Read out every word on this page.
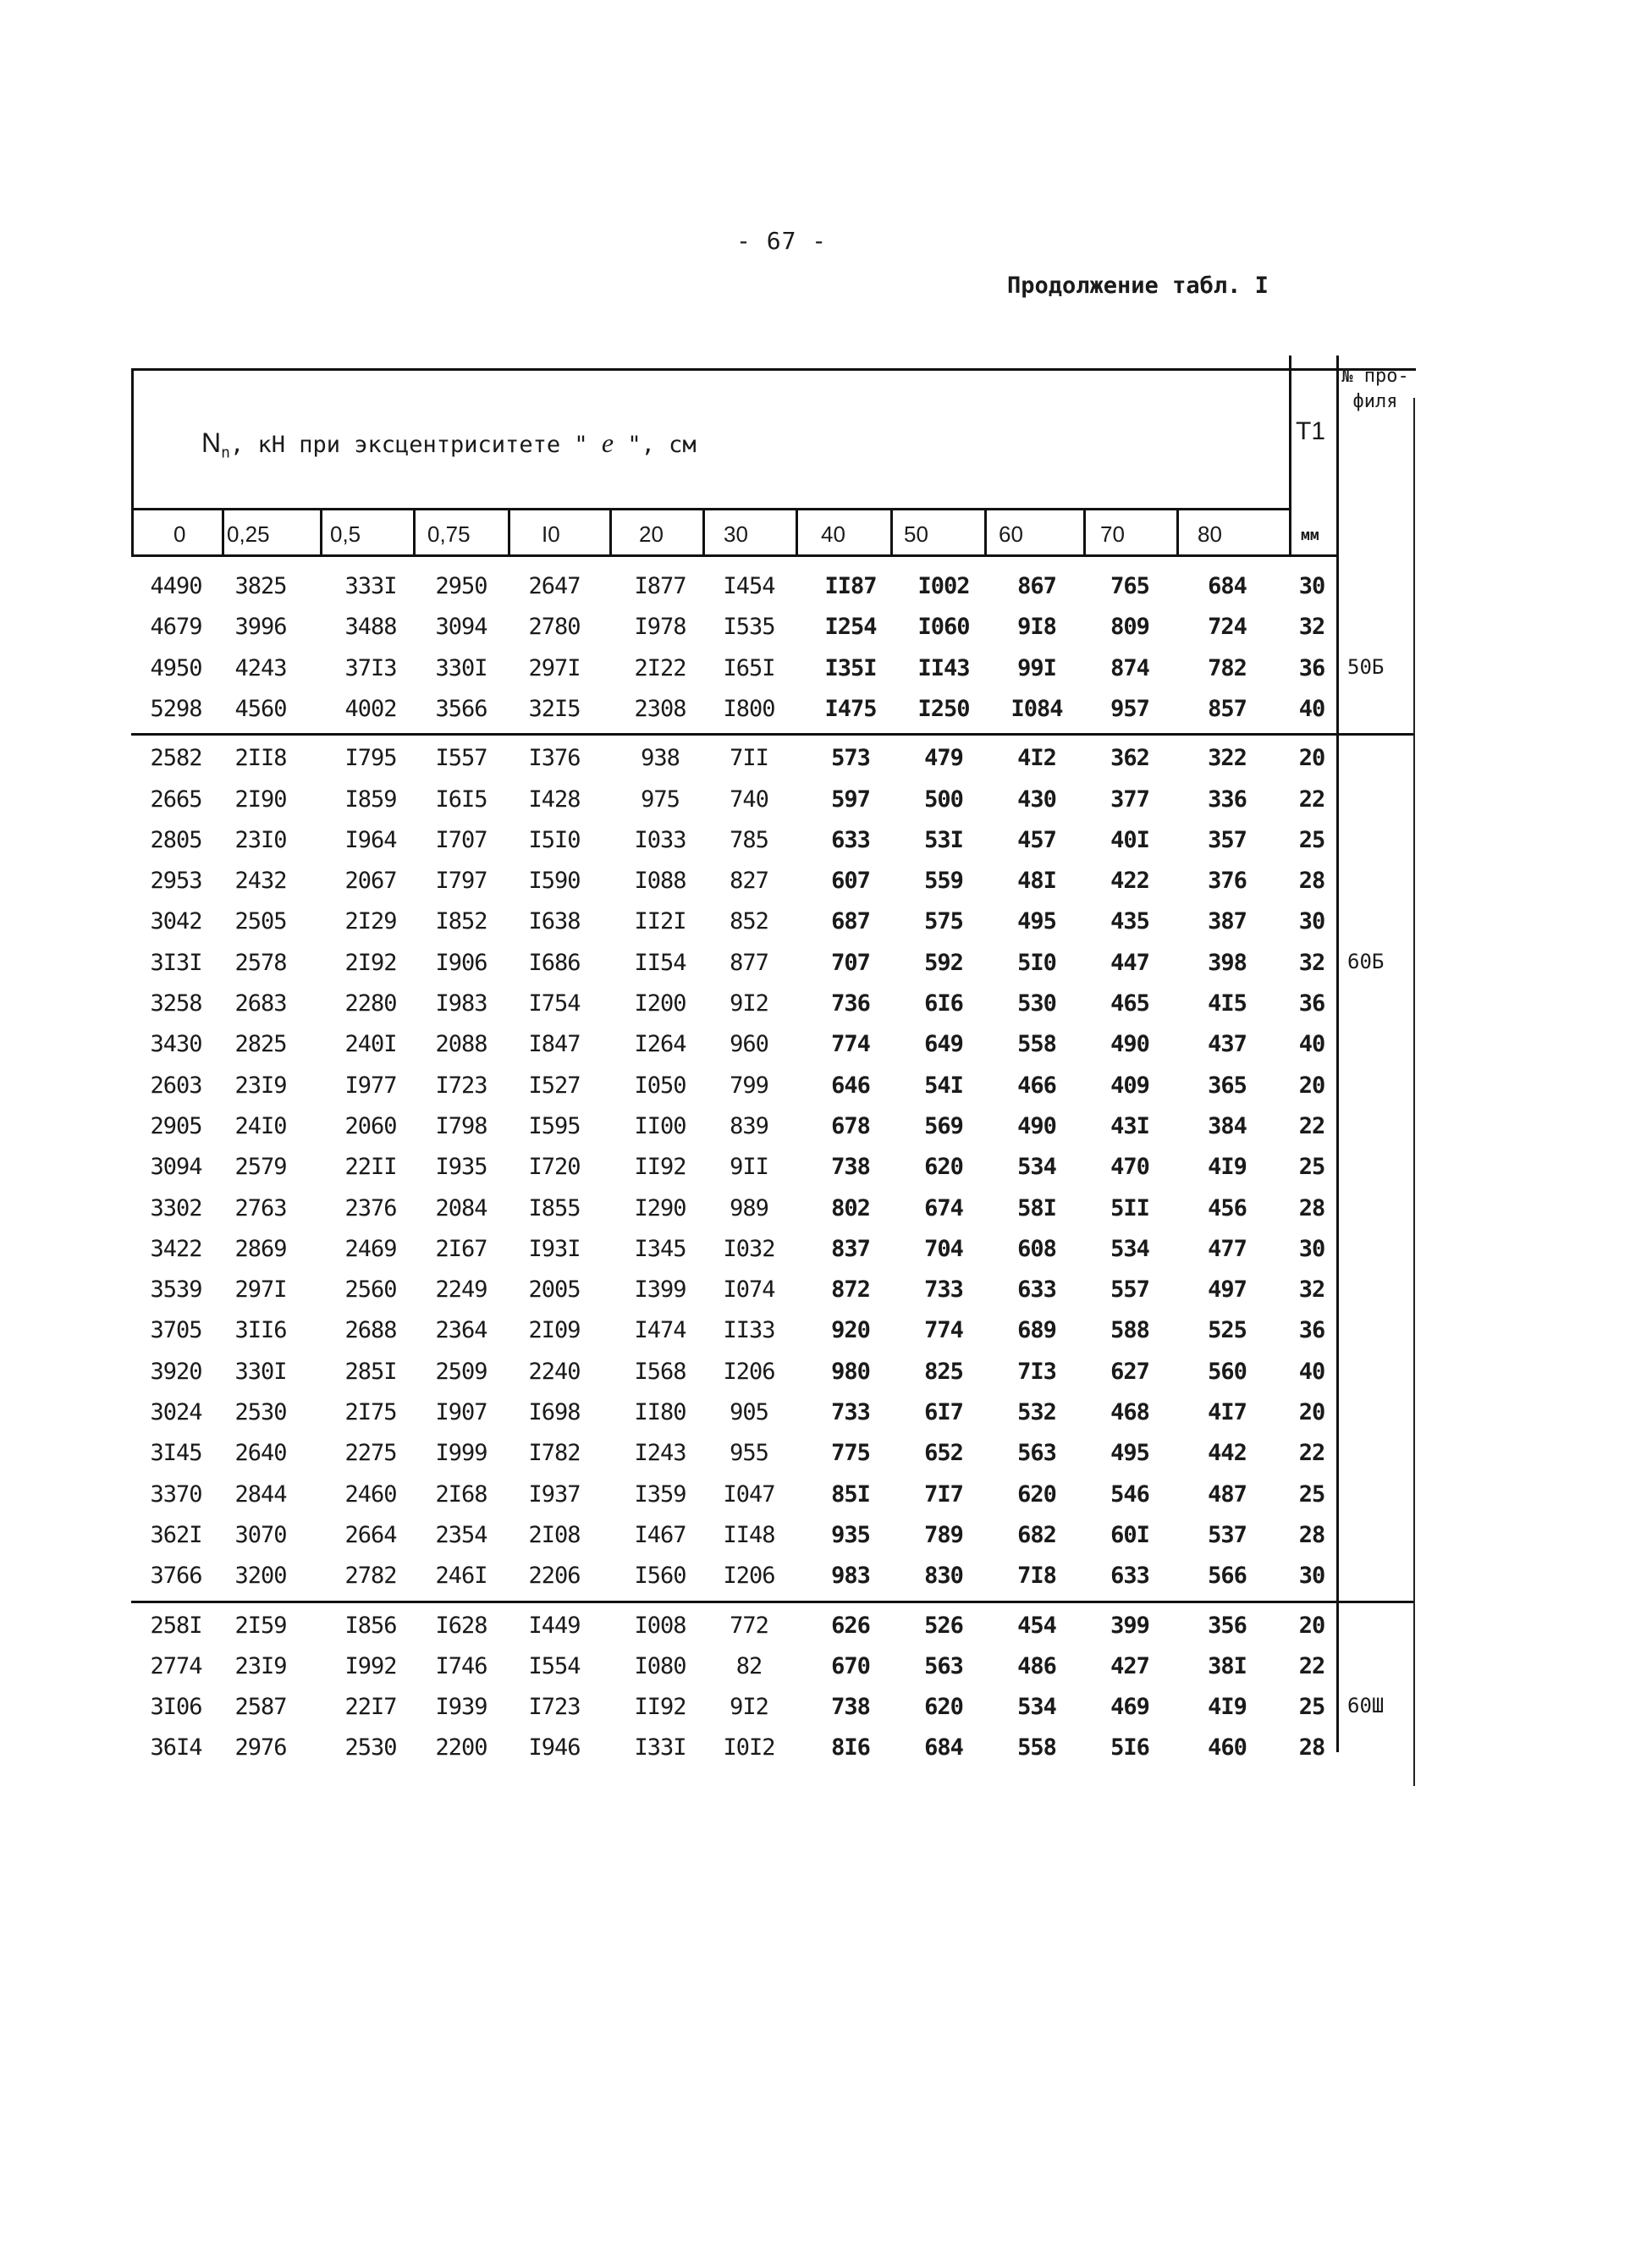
- 67 -
Продолжение табл. I
$N_n$, кН при эксцентриситете " e ", см	T1
№ про- филя
мм
0 0,25	0,5	0,75	I0	20	30	40	50	60	70	80
4490	3825	333I	2950	2647	I877	I454	II87	I002	867	765	684	30
4679	3996	3488	3094	2780	I978	I535	I254	I060	9I8	809	724	32
4950	4243	37I3	330I	297I	2I22	I65I	I35I	II43	99I	874	782	36
5298	4560	4002	3566	32I5	2308	I800	I475	I250	I084	957	857	40
50Б
2582	2II8	I795	I557	I376	938	7II	573	479	4I2	362	322	20
2665	2I90	I859	I6I5	I428	975	740	597	500	430	377	336	22
2805	23I0	I964	I707	I5I0	I033	785	633	53I	457	40I	357	25
2953	2432	2067	I797	I590	I088	827	607	559	48I	422	376	28
3042	2505	2I29	I852	I638	II2I	852	687	575	495	435	387	30
3I3I	2578	2I92	I906	I686	II54	877	707	592	5I0	447	398	32
3258	2683	2280	I983	I754	I200	9I2	736	6I6	530	465	4I5	36
3430	2825	240I	2088	I847	I264	960	774	649	558	490	437	40
2603	23I9	I977	I723	I527	I050	799	646	54I	466	409	365	20
2905	24I0	2060	I798	I595	II00	839	678	569	490	43I	384	22
3094	2579	22II	I935	I720	II92	9II	738	620	534	470	4I9	25
3302	2763	2376	2084	I855	I290	989	802	674	58I	5II	456	28
3422	2869	2469	2I67	I93I	I345	I032	837	704	608	534	477	30
3539	297I	2560	2249	2005	I399	I074	872	733	633	557	497	32
3705	3II6	2688	2364	2I09	I474	II33	920	774	689	588	525	36
3920	330I	285I	2509	2240	I568	I206	980	825	7I3	627	560	40
3024	2530	2I75	I907	I698	II80	905	733	6I7	532	468	4I7	20
3I45	2640	2275	I999	I782	I243	955	775	652	563	495	442	22
3370	2844	2460	2I68	I937	I359	I047	85I	7I7	620	546	487	25
362I	3070	2664	2354	2I08	I467	II48	935	789	682	60I	537	28
3766	3200	2782	246I	2206	I560	I206	983	830	7I8	633	566	30
60Б
258I	2I59	I856	I628	I449	I008	772	626	526	454	399	356	20
2774	23I9	I992	I746	I554	I080	82	670	563	486	427	38I	22
3I06	2587	22I7	I939	I723	II92	9I2	738	620	534	469	4I9	25
36I4	2976	2530	2200	I946	I33I	I0I2	8I6	684	558	5I6	460	28
60Ш
